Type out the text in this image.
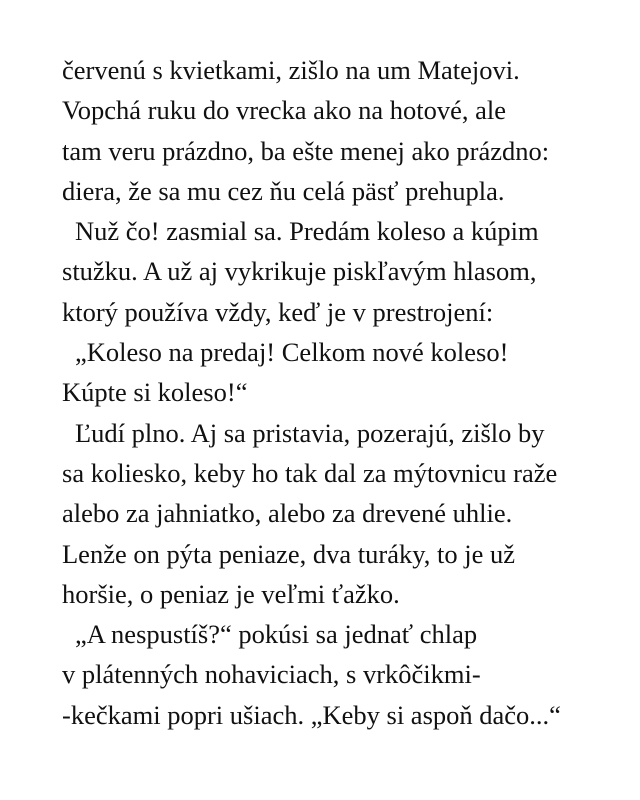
červenú s kvietkami, zišlo na um Matejovi.
Vopchá ruku do vrecka ako na hotové, ale
tam veru prázdno, ba ešte menej ako prázdno:
diera, že sa mu cez ňu celá päsť prehupla.
Nuž čo! zasmial sa. Predám koleso a kúpim
stužku. A už aj vykrikuje piskľavým hlasom,
ktorý používa vždy, keď je v prestrojení:
„Koleso na predaj! Celkom nové koleso!
Kúpte si koleso!“
Ľudí plno. Aj sa pristavia, pozerajú, zišlo by
sa koliesko, keby ho tak dal za mýtovnicu raže
alebo za jahniatko, alebo za drevené uhlie.
Lenže on pýta peniaze, dva turáky, to je už
horšie, o peniaz je veľmi ťažko.
„A nespustíš?“ pokúsi sa jednať chlap
v plátenných nohaviciach, s vrkôčikmi-
-kečkami popri ušiach. „Keby si aspoň dačo...“
